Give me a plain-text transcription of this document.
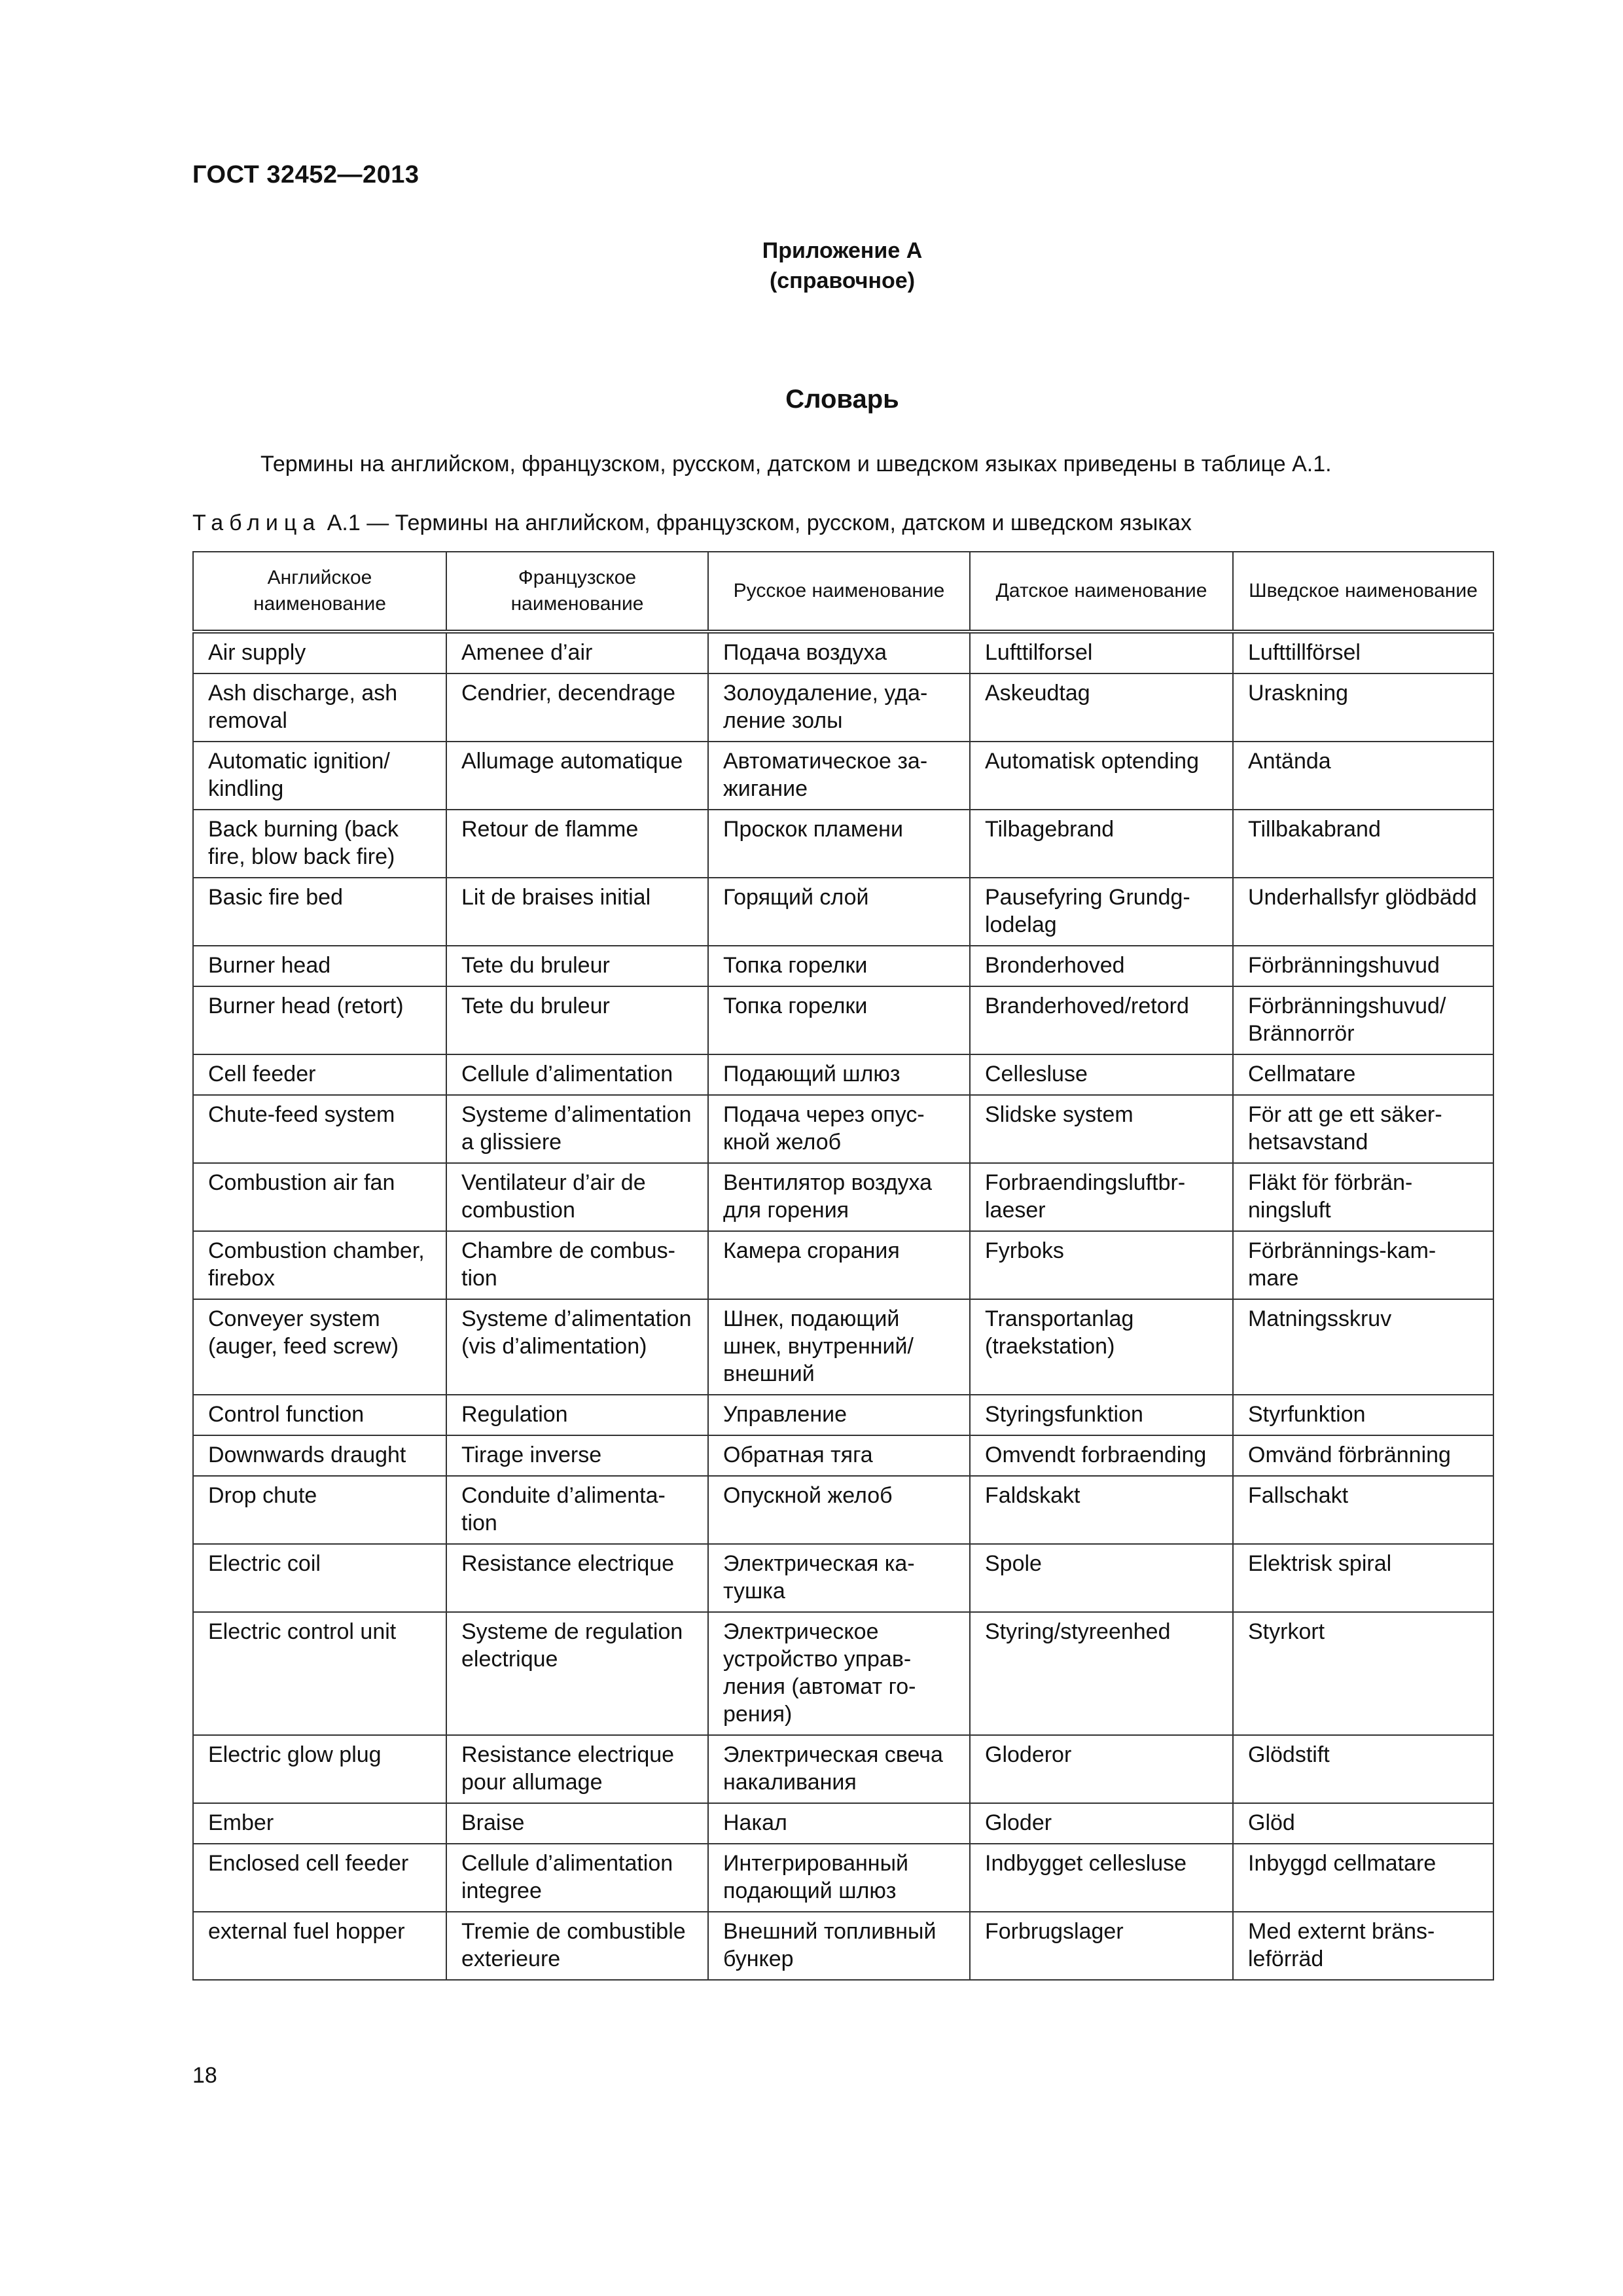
ГОСТ 32452—2013
Приложение А
(справочное)
Словарь
Термины на английском, французском, русском, датском и шведском языках приведены в таблице А.1.
Таблица А.1 — Термины на английском, французском, русском, датском и шведском языках
Английское наименование	Французское наименование	Русское наименование	Датское наименование	Шведское наименование
Air supply	Amenee d’air	Подача воздуха	Lufttilforsel	Lufttillförsel
Ash discharge, ash removal	Cendrier, decendrage	Золоудаление, удаление золы	Askeudtag	Uraskning
Automatic ignition/ kindling	Allumage automatique	Автоматическое зажигание	Automatisk optending	Antända
Back burning (back fire, blow back fire)	Retour de flamme	Проскок пламени	Tilbagebrand	Tillbakabrand
Basic fire bed	Lit de braises initial	Горящий слой	Pausefyring Grundglodelag	Underhallsfyr glödbädd
Burner head	Tete du bruleur	Топка горелки	Bronderhoved	Förbränningshuvud
Burner head (retort)	Tete du bruleur	Топка горелки	Branderhoved/retord	Förbränningshuvud/ Brännorrör
Cell feeder	Cellule d’alimentation	Подающий шлюз	Cellesluse	Cellmatare
Chute-feed system	Systeme d’alimentation a glissiere	Подача через опускной желоб	Slidske system	För att ge ett säkerhetsavstand
Combustion air fan	Ventilateur d’air de combustion	Вентилятор воздуха для горения	Forbraendingsluftbrlaeser	Fläkt för förbränningsluft
Combustion chamber, firebox	Chambre de combustion	Камера сгорания	Fyrboks	Förbrännings-kammare
Conveyer system (auger, feed screw)	Systeme d’alimentation (vis d’alimentation)	Шнек, подающий шнек, внутренний/ внешний	Transportanlag (traekstation)	Matningsskruv
Control function	Regulation	Управление	Styringsfunktion	Styrfunktion
Downwards draught	Tirage inverse	Обратная тяга	Omvendt forbraending	Omvänd förbränning
Drop chute	Conduite d’alimentation	Опускной желоб	Faldskakt	Fallschakt
Electric coil	Resistance electrique	Электрическая катушка	Spole	Elektrisk spiral
Electric control unit	Systeme de regulation electrique	Электрическое устройство управления (автомат горения)	Styring/styreenhed	Styrkort
Electric glow plug	Resistance electrique pour allumage	Электрическая свеча накаливания	Gloderor	Glödstift
Ember	Braise	Накал	Gloder	Glöd
Enclosed cell feeder	Cellule d’alimentation integree	Интегрированный подающий шлюз	Indbygget cellesluse	Inbyggd cellmatare
external fuel hopper	Tremie de combustible exterieure	Внешний топливный бункер	Forbrugslager	Med externt bränsleförräd
18
